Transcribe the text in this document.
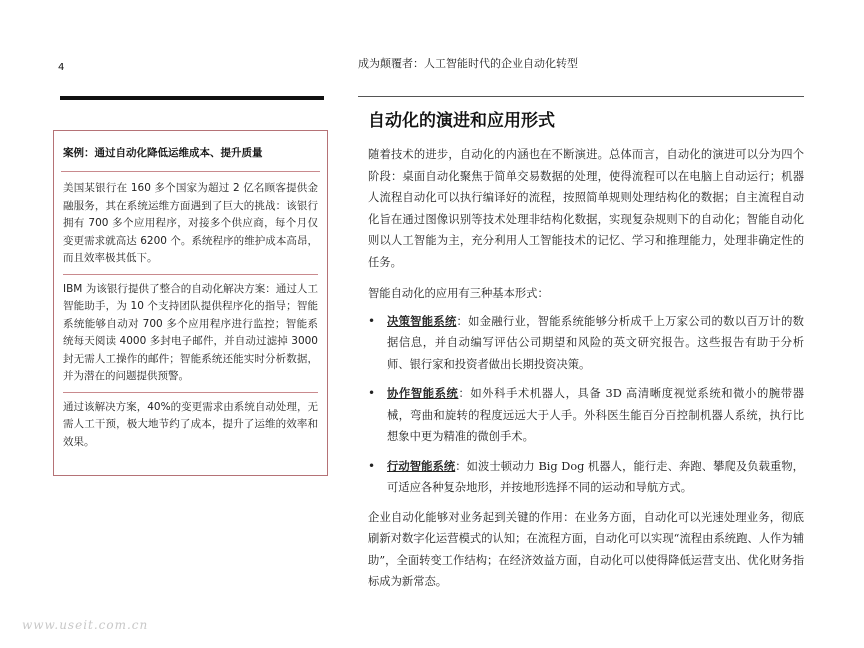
4	成为颠覆者：人工智能时代的企业自动化转型
案例：通过自动化降低运维成本、提升质量

美国某银行在 160 多个国家为超过 2 亿名顾客提供金融服务，其在系统运维方面遇到了巨大的挑战：该银行拥有 700 多个应用程序，对接多个供应商，每个月仅变更需求就高达 6200 个。系统程序的维护成本高昂，而且效率极其低下。

IBM 为该银行提供了整合的自动化解决方案：通过人工智能助手，为 10 个支持团队提供程序化的指导；智能系统能够自动对 700 多个应用程序进行监控；智能系统每天阅读 4000 多封电子邮件，并自动过滤掉 3000 封无需人工操作的邮件；智能系统还能实时分析数据，并为潜在的问题提供预警。

通过该解决方案，40%的变更需求由系统自动处理，无需人工干预，极大地节约了成本，提升了运维的效率和效果。

自动化的演进和应用形式

随着技术的进步，自动化的内涵也在不断演进。总体而言，自动化的演进可以分为四个阶段：桌面自动化聚焦于简单交易数据的处理，使得流程可以在电脑上自动运行；机器人流程自动化可以执行编译好的流程，按照简单规则处理结构化的数据；自主流程自动化旨在通过图像识别等技术处理非结构化数据，实现复杂规则下的自动化；智能自动化则以人工智能为主，充分利用人工智能技术的记忆、学习和推理能力，处理非确定性的任务。

智能自动化的应用有三种基本形式：

• 决策智能系统：如金融行业，智能系统能够分析成千上万家公司的数以百万计的数据信息，并自动编写评估公司期望和风险的英文研究报告。这些报告有助于分析师、银行家和投资者做出长期投资决策。
• 协作智能系统：如外科手术机器人，具备 3D 高清晰度视觉系统和微小的腕带器械，弯曲和旋转的程度远远大于人手。外科医生能百分百控制机器人系统，执行比想象中更为精准的微创手术。
• 行动智能系统：如波士顿动力 Big Dog 机器人，能行走、奔跑、攀爬及负载重物，可适应各种复杂地形，并按地形选择不同的运动和导航方式。

企业自动化能够对业务起到关键的作用：在业务方面，自动化可以光速处理业务，彻底刷新对数字化运营模式的认知；在流程方面，自动化可以实现“流程由系统跑、人作为辅助”，全面转变工作结构；在经济效益方面，自动化可以使得降低运营支出、优化财务指标成为新常态。

www.useit.com.cn
